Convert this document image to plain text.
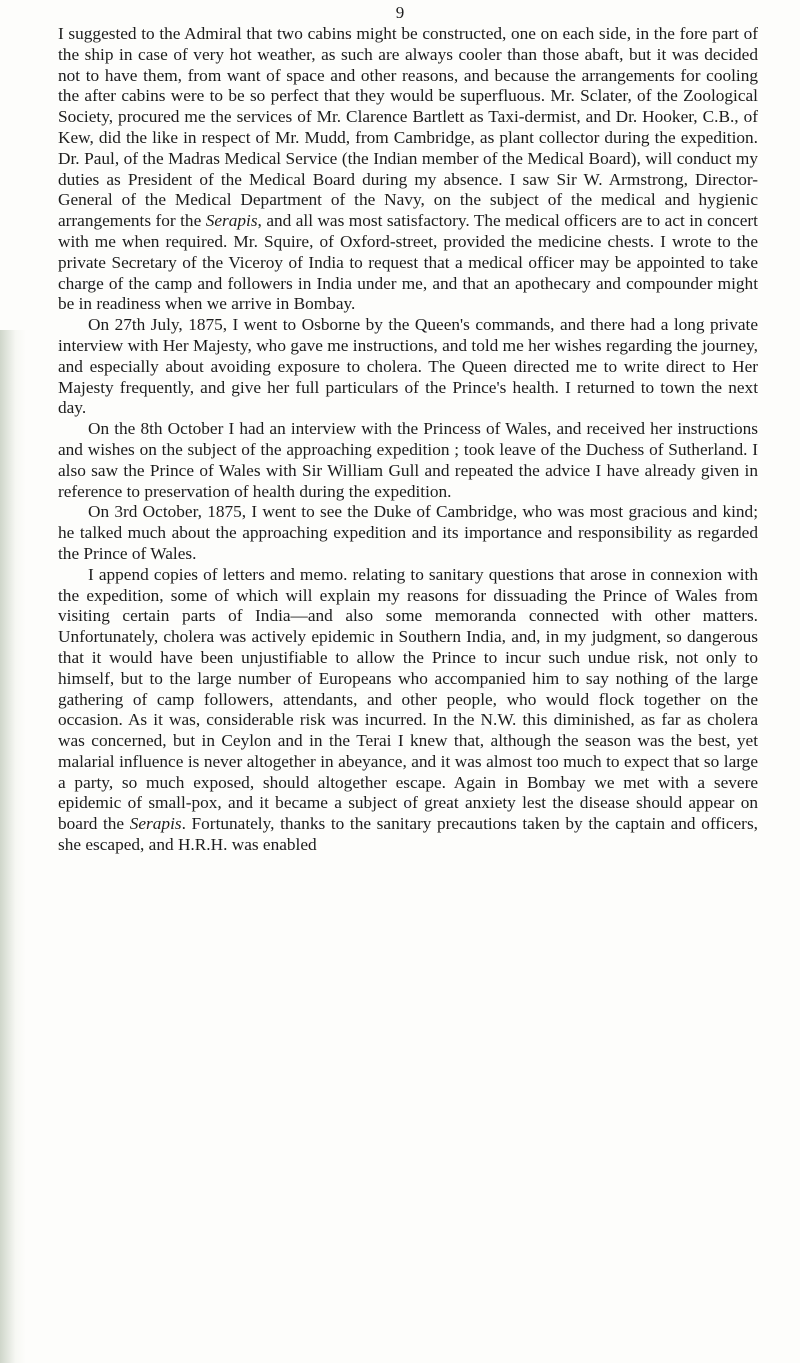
9

I suggested to the Admiral that two cabins might be constructed, one on each side, in the fore part of the ship in case of very hot weather, as such are always cooler than those abaft, but it was decided not to have them, from want of space and other reasons, and because the arrangements for cooling the after cabins were to be so perfect that they would be superfluous. Mr. Sclater, of the Zoological Society, procured me the services of Mr. Clarence Bartlett as Taxi-dermist, and Dr. Hooker, C.B., of Kew, did the like in respect of Mr. Mudd, from Cambridge, as plant collector during the expedition. Dr. Paul, of the Madras Medical Service (the Indian member of the Medical Board), will conduct my duties as President of the Medical Board during my absence. I saw Sir W. Armstrong, Director-General of the Medical Department of the Navy, on the subject of the medical and hygienic arrangements for the Serapis, and all was most satisfactory. The medical officers are to act in concert with me when required. Mr. Squire, of Oxford-street, provided the medicine chests. I wrote to the private Secretary of the Viceroy of India to request that a medical officer may be appointed to take charge of the camp and followers in India under me, and that an apothecary and compounder might be in readiness when we arrive in Bombay.

On 27th July, 1875, I went to Osborne by the Queen's commands, and there had a long private interview with Her Majesty, who gave me instructions, and told me her wishes regarding the journey, and especially about avoiding exposure to cholera. The Queen directed me to write direct to Her Majesty frequently, and give her full particulars of the Prince's health. I returned to town the next day.

On the 8th October I had an interview with the Princess of Wales, and received her instructions and wishes on the subject of the approaching expedition ; took leave of the Duchess of Sutherland. I also saw the Prince of Wales with Sir William Gull and repeated the advice I have already given in reference to preservation of health during the expedition.

On 3rd October, 1875, I went to see the Duke of Cambridge, who was most gracious and kind; he talked much about the approaching expedition and its importance and responsibility as regarded the Prince of Wales.

I append copies of letters and memo. relating to sanitary questions that arose in connexion with the expedition, some of which will explain my reasons for dissuading the Prince of Wales from visiting certain parts of India—and also some memoranda connected with other matters. Unfortunately, cholera was actively epidemic in Southern India, and, in my judgment, so dangerous that it would have been unjustifiable to allow the Prince to incur such undue risk, not only to himself, but to the large number of Europeans who accompanied him to say nothing of the large gathering of camp followers, attendants, and other people, who would flock together on the occasion. As it was, considerable risk was incurred. In the N.W. this diminished, as far as cholera was concerned, but in Ceylon and in the Terai I knew that, although the season was the best, yet malarial influence is never altogether in abeyance, and it was almost too much to expect that so large a party, so much exposed, should altogether escape. Again in Bombay we met with a severe epidemic of small-pox, and it became a subject of great anxiety lest the disease should appear on board the Serapis. Fortunately, thanks to the sanitary precautions taken by the captain and officers, she escaped, and H.R.H. was enabled
